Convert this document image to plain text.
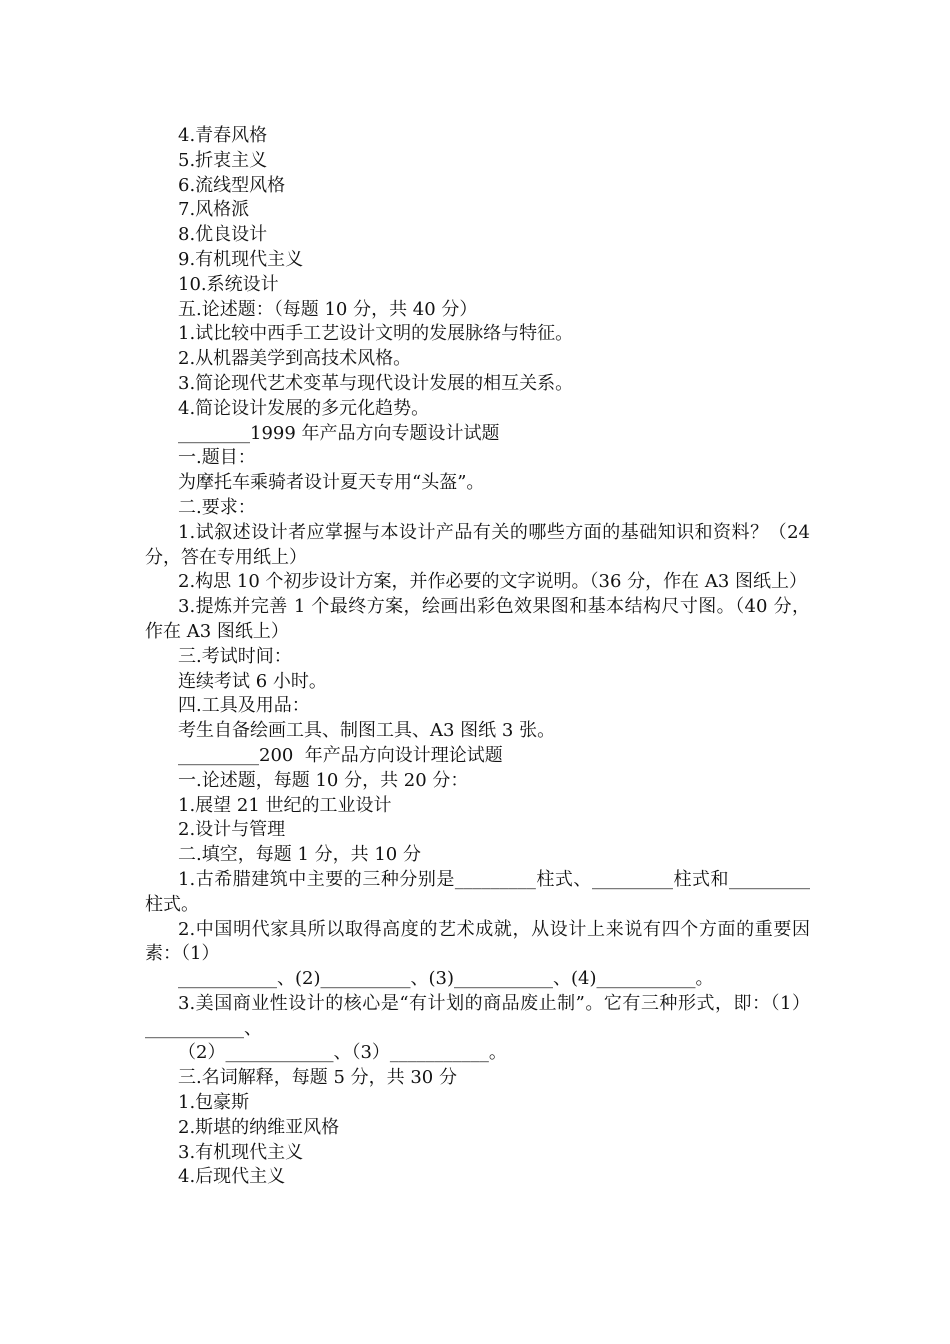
4.青春风格
5.折衷主义
6.流线型风格
7.风格派
8.优良设计
9.有机现代主义
10.系统设计
五.论述题：（每题 10 分，共 40 分）
1.试比较中西手工艺设计文明的发展脉络与特征。
2.从机器美学到高技术风格。
3.简论现代艺术变革与现代设计发展的相互关系。
4.简论设计发展的多元化趋势。
________1999 年产品方向专题设计试题
一.题目：
为摩托车乘骑者设计夏天专用“头盔”。
二.要求：
1.试叙述设计者应掌握与本设计产品有关的哪些方面的基础知识和资料？（24 分，答在专用纸上）
2.构思 10 个初步设计方案，并作必要的文字说明。（36 分，作在 A3 图纸上）
3.提炼并完善 1 个最终方案，绘画出彩色效果图和基本结构尺寸图。（40 分，作在 A3 图纸上）
三.考试时间：
连续考试 6 小时。
四.工具及用品：
考生自备绘画工具、制图工具、A3 图纸 3 张。
_________200  年产品方向设计理论试题
一.论述题，每题 10 分，共 20 分：
1.展望 21 世纪的工业设计
2.设计与管理
二.填空，每题 1 分，共 10 分
1.古希腊建筑中主要的三种分别是_________柱式、_________柱式和_________柱式。
2.中国明代家具所以取得高度的艺术成就，从设计上来说有四个方面的重要因素：（1）
___________、(2)__________、(3)___________、(4)___________。
3.美国商业性设计的核心是“有计划的商品废止制”。它有三种形式，即：（1）___________、
（2）____________、（3）___________。
三.名词解释，每题 5 分，共 30 分
1.包豪斯
2.斯堪的纳维亚风格
3.有机现代主义
4.后现代主义
